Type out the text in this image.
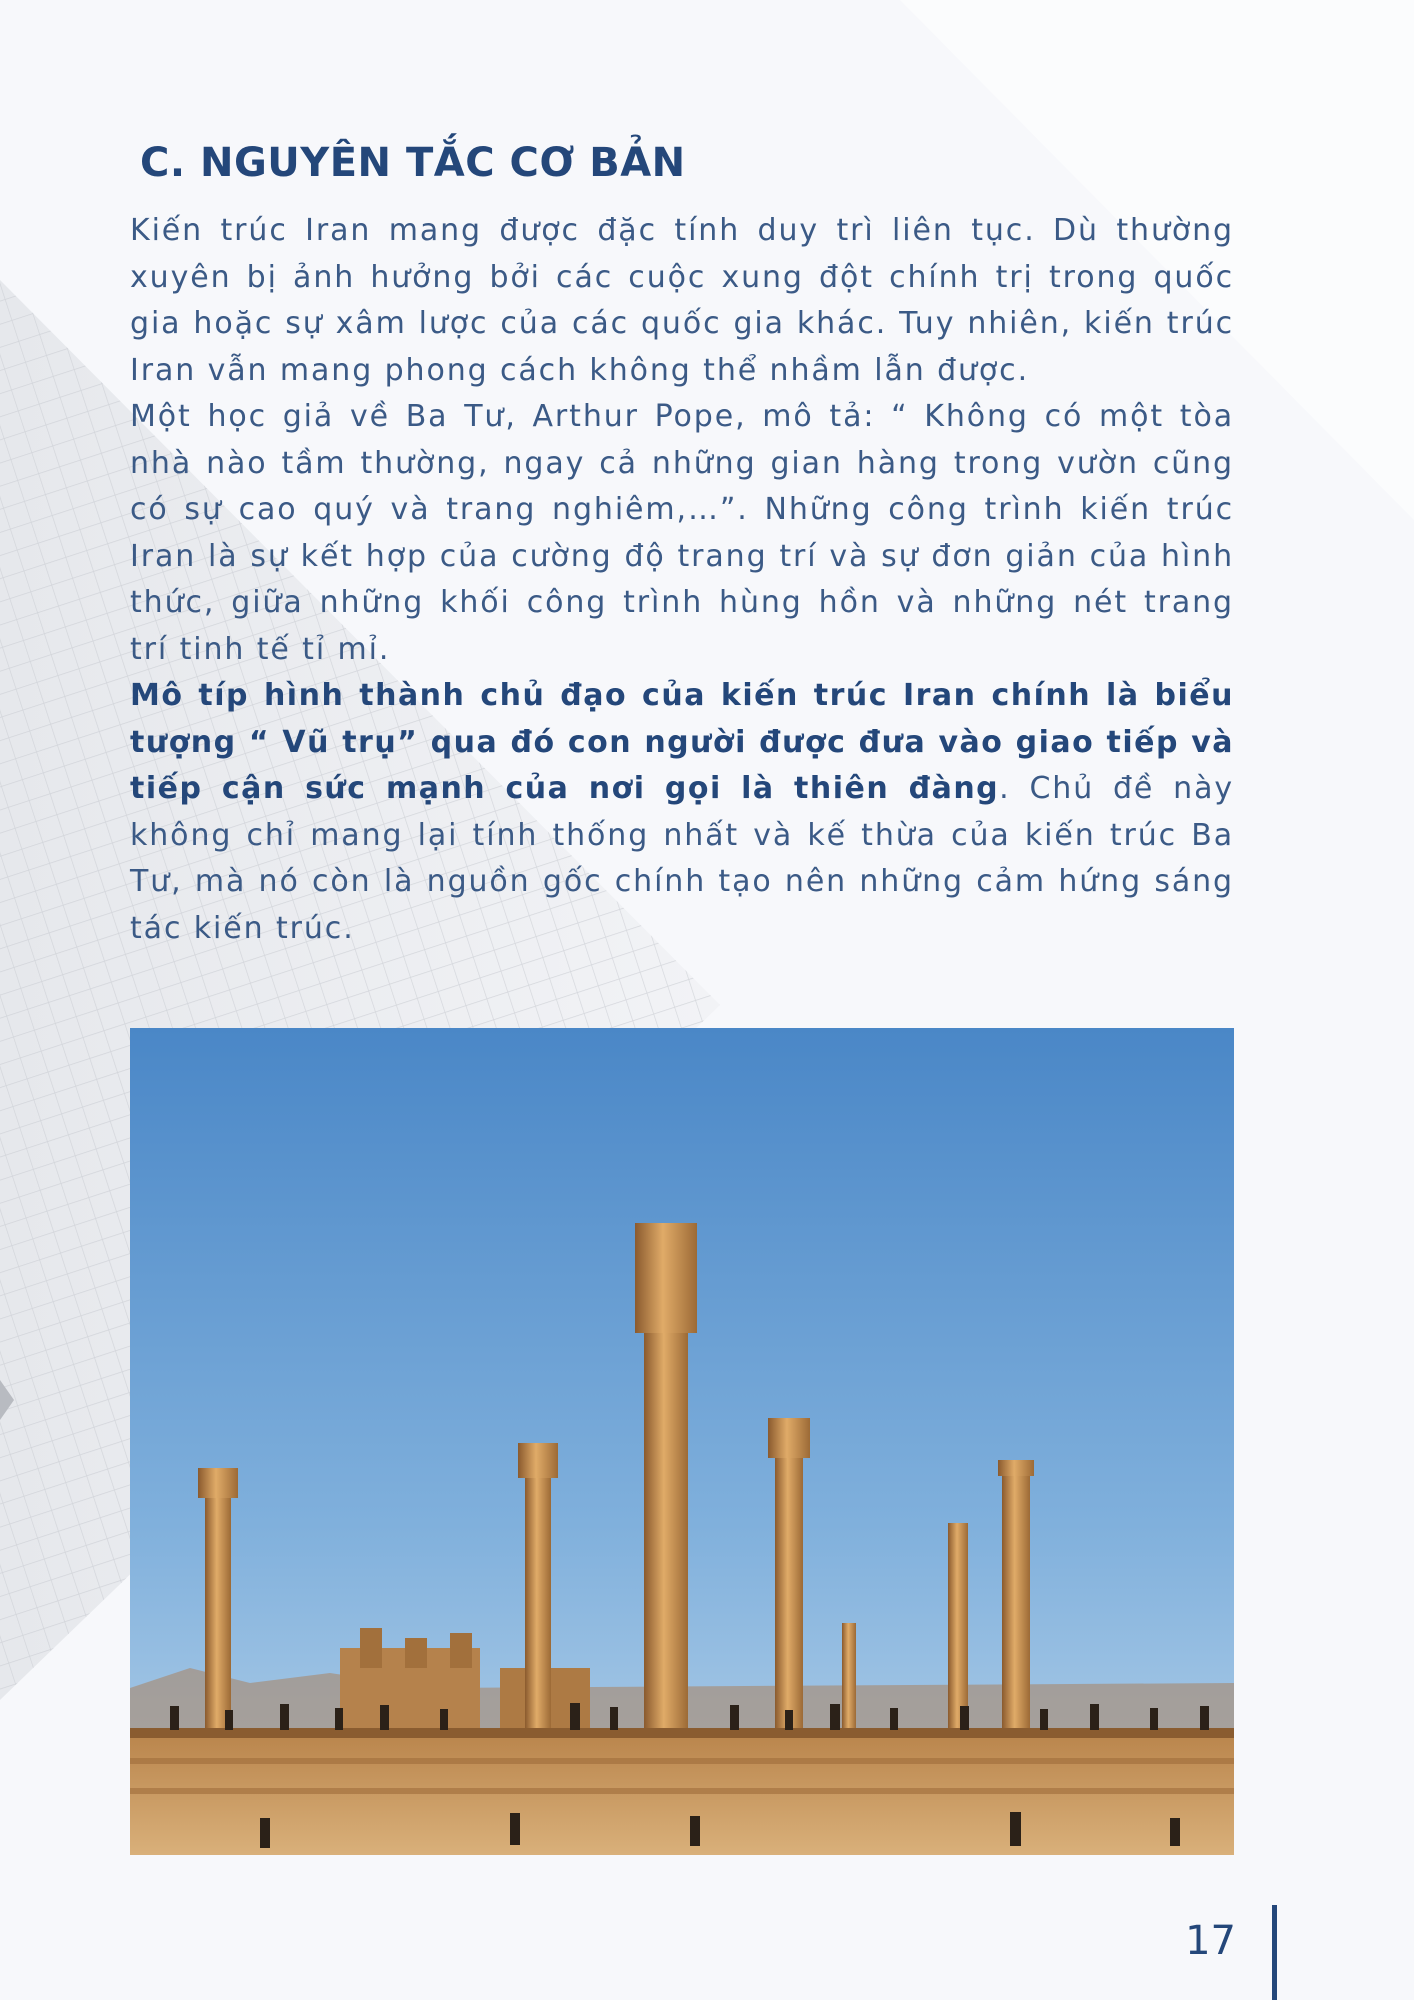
C. NGUYÊN TẮC CƠ BẢN

Kiến trúc Iran mang được đặc tính duy trì liên tục. Dù thường xuyên bị ảnh hưởng bởi các cuộc xung đột chính trị trong quốc gia hoặc sự xâm lược của các quốc gia khác. Tuy nhiên, kiến trúc Iran vẫn mang phong cách không thể nhầm lẫn được.

Một học giả về Ba Tư, Arthur Pope, mô tả: “ Không có một tòa nhà nào tầm thường, ngay cả những gian hàng trong vườn cũng có sự cao quý và trang nghiêm,…”. Những công trình kiến trúc Iran là sự kết hợp của cường độ trang trí và sự đơn giản của hình thức, giữa những khối công trình hùng hồn và những nét trang trí tinh tế tỉ mỉ.

Mô típ hình thành chủ đạo của kiến trúc Iran chính là biểu tượng “ Vũ trụ” qua đó con người được đưa vào giao tiếp và tiếp cận sức mạnh của nơi gọi là thiên đàng. Chủ đề này không chỉ mang lại tính thống nhất và kế thừa của kiến trúc Ba Tư, mà nó còn là nguồn gốc chính tạo nên những cảm hứng sáng tác kiến trúc.

17
